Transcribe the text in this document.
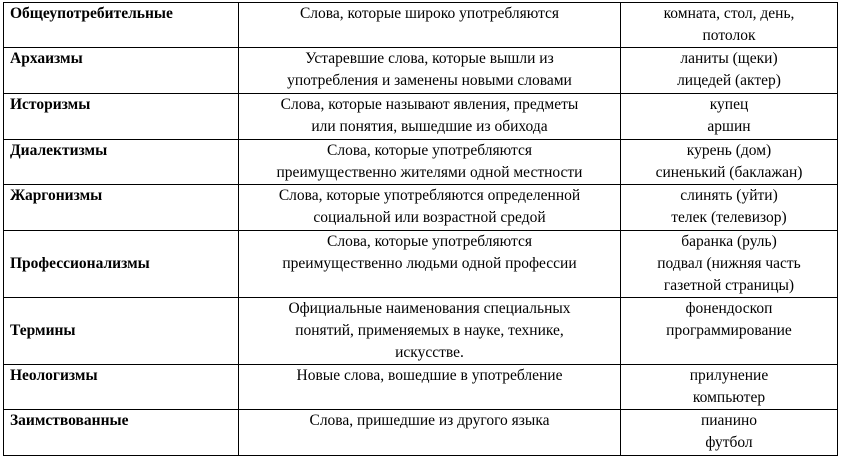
Общеупотребительные	Слова, которые широко употребляются	комната, стол, день,
потолок

Архаизмы	Устаревшие слова, которые вышли из
употребления и заменены новыми словами	ланиты (щеки)
лицедей (актер)

Историзмы	Слова, которые называют явления, предметы
или понятия, вышедшие из обихода	купец
аршин

Диалектизмы	Слова, которые употребляются
преимущественно жителями одной местности	курень (дом)
синенький (баклажан)

Жаргонизмы	Слова, которые употребляются определенной
социальной или возрастной средой	слинять (уйти)
телек (телевизор)

Профессионализмы	Слова, которые употребляются
преимущественно людьми одной профессии	баранка (руль)
подвал (нижняя часть
газетной страницы)

Термины	Официальные наименования специальных
понятий, применяемых в науке, технике,
искусстве.	фонендоскоп
программирование

Неологизмы	Новые слова, вошедшие в употребление	прилунение
компьютер

Заимствованные	Слова, пришедшие из другого языка	пианино
футбол
